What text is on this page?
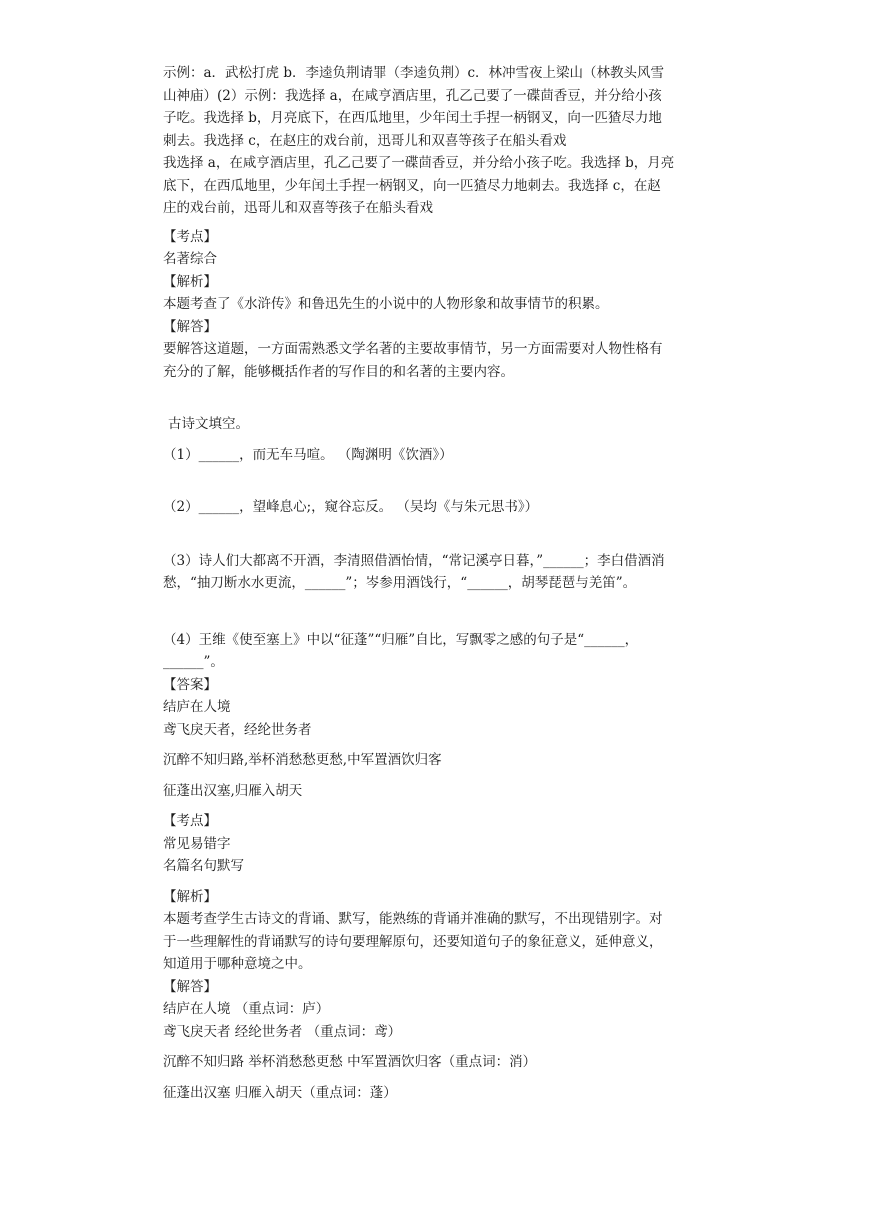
示例：a．武松打虎 b．李逵负荆请罪（李逵负荆）c．林冲雪夜上梁山（林教头风雪

山神庙）(2）示例：我选择 a，在咸亨酒店里，孔乙己要了一碟茴香豆，并分给小孩

子吃。我选择 b，月亮底下，在西瓜地里，少年闰土手捏一柄钢叉，向一匹猹尽力地

刺去。我选择 c，在赵庄的戏台前，迅哥儿和双喜等孩子在船头看戏

我选择 a，在咸亨酒店里，孔乙己要了一碟茴香豆，并分给小孩子吃。我选择 b，月亮

底下，在西瓜地里，少年闰土手捏一柄钢叉，向一匹猹尽力地刺去。我选择 c，在赵

庄的戏台前，迅哥儿和双喜等孩子在船头看戏

【考点】

名著综合

【解析】

本题考查了《水浒传》和鲁迅先生的小说中的人物形象和故事情节的积累。

【解答】

要解答这道题，一方面需熟悉文学名著的主要故事情节，另一方面需要对人物性格有

充分的了解，能够概括作者的写作目的和名著的主要内容。

古诗文填空。

（1）______，而无车马喧。 （陶渊明《饮酒》）

（2）______，望峰息心;，窥谷忘反。 （吴均《与朱元思书》）

（3）诗人们大都离不开酒，李清照借酒怡情，“常记溪亭日暮，”______；李白借酒消

愁，“抽刀断水水更流，______”；岑参用酒饯行，“______，胡琴琵琶与羌笛”。

（4）王维《使至塞上》中以“征蓬”“归雁”自比，写飘零之感的句子是“______，

______”。

【答案】

结庐在人境

鸢飞戾天者，经纶世务者

沉醉不知归路,举杯消愁愁更愁,中军置酒饮归客

征蓬出汉塞,归雁入胡天

【考点】

常见易错字

名篇名句默写

【解析】

本题考查学生古诗文的背诵、默写，能熟练的背诵并准确的默写，不出现错别字。对

于一些理解性的背诵默写的诗句要理解原句，还要知道句子的象征意义，延伸意义，

知道用于哪种意境之中。

【解答】

结庐在人境 （重点词：庐）

鸢飞戾天者 经纶世务者 （重点词：鸢）

沉醉不知归路 举杯消愁愁更愁 中军置酒饮归客（重点词：消）

征蓬出汉塞 归雁入胡天（重点词：蓬）
